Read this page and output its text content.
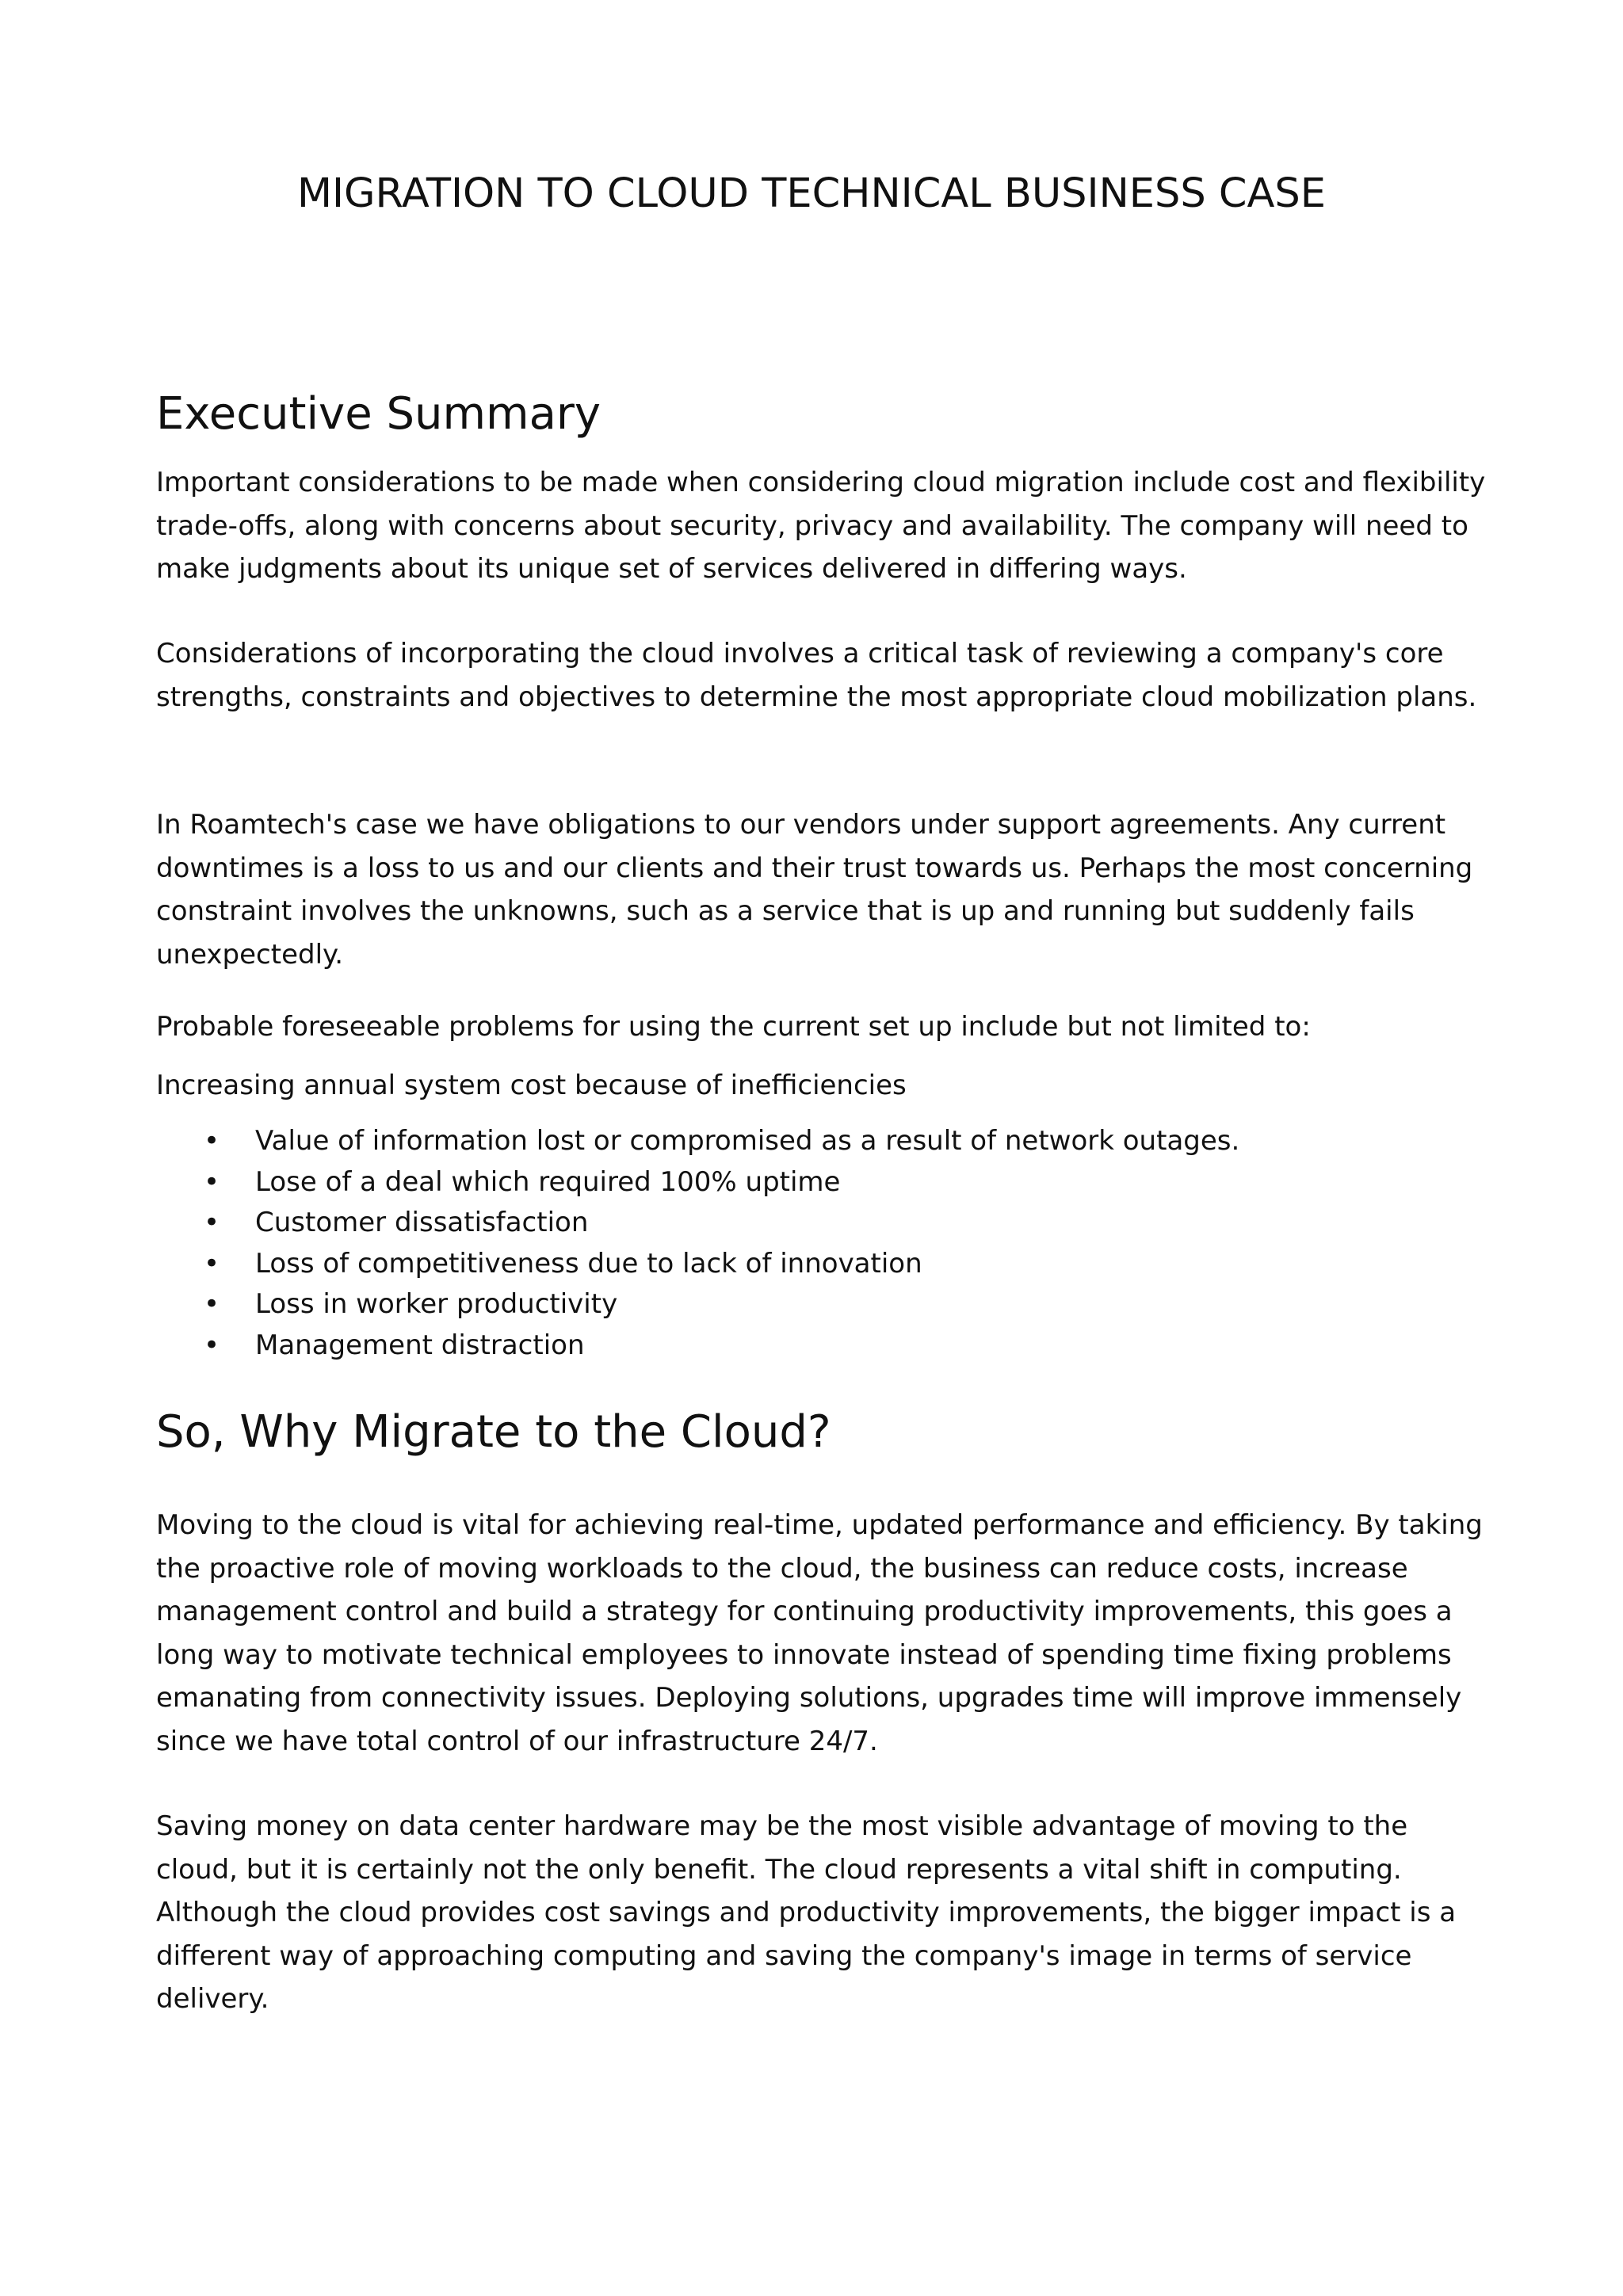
MIGRATION TO CLOUD TECHNICAL BUSINESS CASE
Executive Summary

Important considerations to be made when considering cloud migration include cost and flexibility trade-offs, along with concerns about security, privacy and availability. The company will need to make judgments about its unique set of services delivered in differing ways.

Considerations of incorporating the cloud involves a critical task of reviewing a company's core strengths, constraints and objectives to determine the most appropriate cloud mobilization plans.

In Roamtech's case we have obligations to our vendors under support agreements. Any current downtimes is a loss to us and our clients and their trust towards us. Perhaps the most concerning constraint involves the unknowns, such as a service that is up and running but suddenly fails unexpectedly.

Probable foreseeable problems for using the current set up include but not limited to:

Increasing annual system cost because of inefficiencies

• Value of information lost or compromised as a result of network outages.
• Lose of a deal which required 100% uptime
• Customer dissatisfaction
• Loss of competitiveness due to lack of innovation
• Loss in worker productivity
• Management distraction
So, Why Migrate to the Cloud?

Moving to the cloud is vital for achieving real-time, updated performance and efficiency. By taking the proactive role of moving workloads to the cloud, the business can reduce costs, increase management control and build a strategy for continuing productivity improvements, this goes a long way to motivate technical employees to innovate instead of spending time fixing problems emanating from connectivity issues. Deploying solutions, upgrades time will improve immensely since we have total control of our infrastructure 24/7.

Saving money on data center hardware may be the most visible advantage of moving to the cloud, but it is certainly not the only benefit. The cloud represents a vital shift in computing. Although the cloud provides cost savings and productivity improvements, the bigger impact is a different way of approaching computing and saving the company's image in terms of service delivery.
